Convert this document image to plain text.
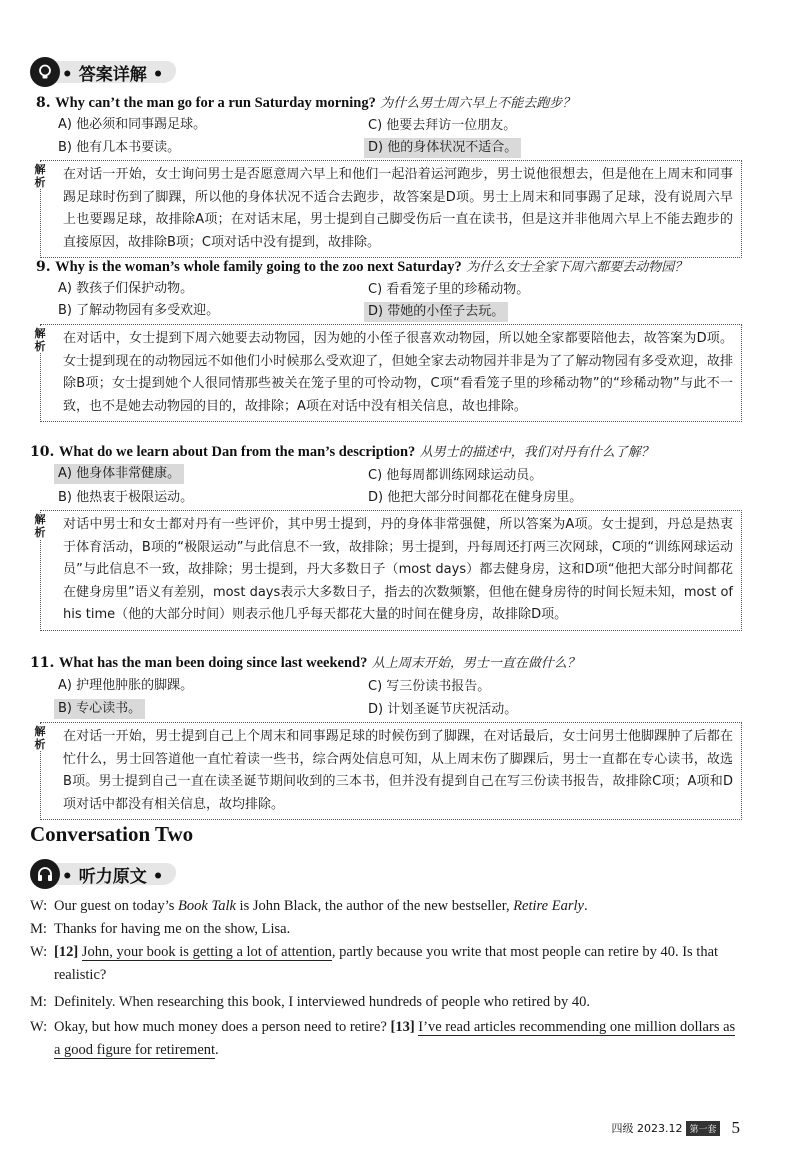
• 答案详解 •
8. Why can’t the man go for a run Saturday morning? 为什么男士周六早上不能去跑步？
A) 他必须和同事踢足球。	C) 他要去拜访一位朋友。
B) 他有几本书要读。	D) 他的身体状况不适合。
解析
在对话一开始，女士询问男士是否愿意周六早上和他们一起沿着运河跑步，男士说他很想去，但是他在上周末和同事踢足球时伤到了脚踝，所以他的身体状况不适合去跑步，故答案是D项。男士上周末和同事踢了足球，没有说周六早上也要踢足球，故排除A项；在对话末尾，男士提到自己脚受伤后一直在读书，但是这并非他周六早上不能去跑步的直接原因，故排除B项；C项对话中没有提到，故排除。
9. Why is the woman’s whole family going to the zoo next Saturday? 为什么女士全家下周六都要去动物园？
A) 教孩子们保护动物。	C) 看看笼子里的珍稀动物。
B) 了解动物园有多受欢迎。	D) 带她的小侄子去玩。
解析
在对话中，女士提到下周六她要去动物园，因为她的小侄子很喜欢动物园，所以她全家都要陪他去，故答案为D项。女士提到现在的动物园远不如他们小时候那么受欢迎了，但她全家去动物园并非是为了了解动物园有多受欢迎，故排除B项；女士提到她个人很同情那些被关在笼子里的可怜动物，C项“看看笼子里的珍稀动物”的“珍稀动物”与此不一致，也不是她去动物园的目的，故排除；A项在对话中没有相关信息，故也排除。
10. What do we learn about Dan from the man’s description? 从男士的描述中，我们对丹有什么了解？
A) 他身体非常健康。	C) 他每周都训练网球运动员。
B) 他热衷于极限运动。	D) 他把大部分时间都花在健身房里。
解析
对话中男士和女士都对丹有一些评价，其中男士提到，丹的身体非常强健，所以答案为A项。女士提到，丹总是热衷于体育活动，B项的“极限运动”与此信息不一致，故排除；男士提到，丹每周还打两三次网球，C项的“训练网球运动员”与此信息不一致，故排除；男士提到，丹大多数日子（most days）都去健身房，这和D项“他把大部分时间都花在健身房里”语义有差别，most days表示大多数日子，指去的次数频繁，但他在健身房待的时间长短未知，most of his time（他的大部分时间）则表示他几乎每天都花大量的时间在健身房，故排除D项。
11. What has the man been doing since last weekend? 从上周末开始，男士一直在做什么？
A) 护理他肿胀的脚踝。	C) 写三份读书报告。
B) 专心读书。	D) 计划圣诞节庆祝活动。
解析
在对话一开始，男士提到自己上个周末和同事踢足球的时候伤到了脚踝，在对话最后，女士问男士他脚踝肿了后都在忙什么，男士回答道他一直忙着读一些书，综合两处信息可知，从上周末伤了脚踝后，男士一直都在专心读书，故选B项。男士提到自己一直在读圣诞节期间收到的三本书，但并没有提到自己在写三份读书报告，故排除C项；A项和D项对话中都没有相关信息，故均排除。
Conversation Two
• 听力原文 •
W: Our guest on today’s Book Talk is John Black, the author of the new bestseller, Retire Early.
M: Thanks for having me on the show, Lisa.
W: [12] John, your book is getting a lot of attention, partly because you write that most people can retire by 40. Is that realistic?
M: Definitely. When researching this book, I interviewed hundreds of people who retired by 40.
W: Okay, but how much money does a person need to retire? [13] I’ve read articles recommending one million dollars as a good figure for retirement.
四级 2023.12 第一套 5
